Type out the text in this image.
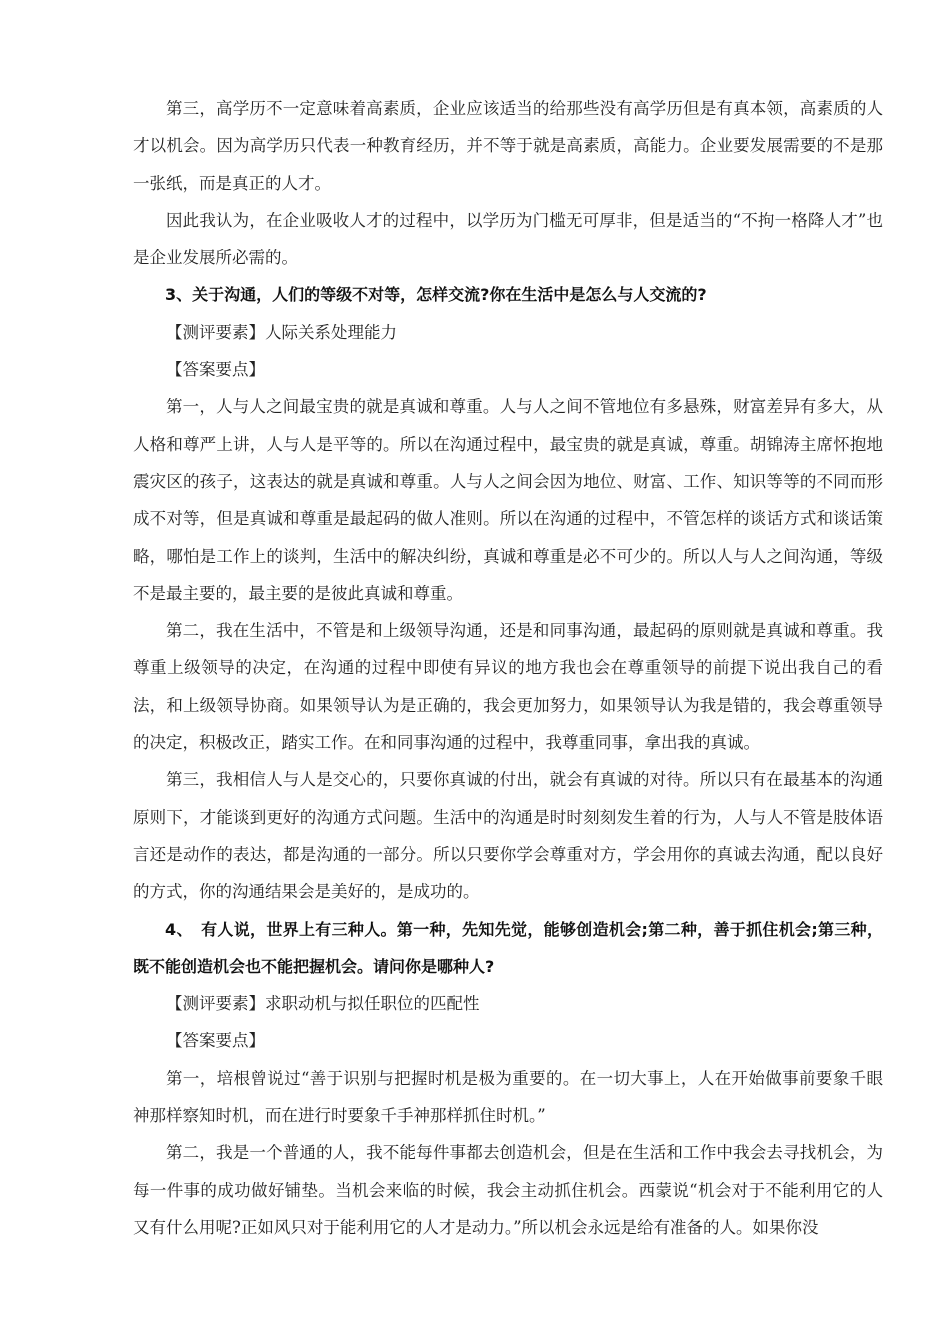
第三，高学历不一定意味着高素质，企业应该适当的给那些没有高学历但是有真本领，高素质的人才以机会。因为高学历只代表一种教育经历，并不等于就是高素质，高能力。企业要发展需要的不是那一张纸，而是真正的人才。

因此我认为，在企业吸收人才的过程中，以学历为门槛无可厚非，但是适当的“不拘一格降人才”也是企业发展所必需的。

3、关于沟通，人们的等级不对等，怎样交流?你在生活中是怎么与人交流的?

【测评要素】人际关系处理能力

【答案要点】

第一，人与人之间最宝贵的就是真诚和尊重。人与人之间不管地位有多悬殊，财富差异有多大，从人格和尊严上讲，人与人是平等的。所以在沟通过程中，最宝贵的就是真诚，尊重。胡锦涛主席怀抱地震灾区的孩子，这表达的就是真诚和尊重。人与人之间会因为地位、财富、工作、知识等等的不同而形成不对等，但是真诚和尊重是最起码的做人准则。所以在沟通的过程中，不管怎样的谈话方式和谈话策略，哪怕是工作上的谈判，生活中的解决纠纷，真诚和尊重是必不可少的。所以人与人之间沟通，等级不是最主要的，最主要的是彼此真诚和尊重。

第二，我在生活中，不管是和上级领导沟通，还是和同事沟通，最起码的原则就是真诚和尊重。我尊重上级领导的决定，在沟通的过程中即使有异议的地方我也会在尊重领导的前提下说出我自己的看法，和上级领导协商。如果领导认为是正确的，我会更加努力，如果领导认为我是错的，我会尊重领导的决定，积极改正，踏实工作。在和同事沟通的过程中，我尊重同事，拿出我的真诚。

第三，我相信人与人是交心的，只要你真诚的付出，就会有真诚的对待。所以只有在最基本的沟通原则下，才能谈到更好的沟通方式问题。生活中的沟通是时时刻刻发生着的行为，人与人不管是肢体语言还是动作的表达，都是沟通的一部分。所以只要你学会尊重对方，学会用你的真诚去沟通，配以良好的方式，你的沟通结果会是美好的，是成功的。

4、　有人说，世界上有三种人。第一种，先知先觉，能够创造机会;第二种，善于抓住机会;第三种，既不能创造机会也不能把握机会。请问你是哪种人?

【测评要素】求职动机与拟任职位的匹配性

【答案要点】

第一，培根曾说过“善于识别与把握时机是极为重要的。在一切大事上，人在开始做事前要象千眼神那样察知时机，而在进行时要象千手神那样抓住时机。”

第二，我是一个普通的人，我不能每件事都去创造机会，但是在生活和工作中我会去寻找机会，为每一件事的成功做好铺垫。当机会来临的时候，我会主动抓住机会。西蒙说“机会对于不能利用它的人又有什么用呢?正如风只对于能利用它的人才是动力。”所以机会永远是给有准备的人。如果你没
